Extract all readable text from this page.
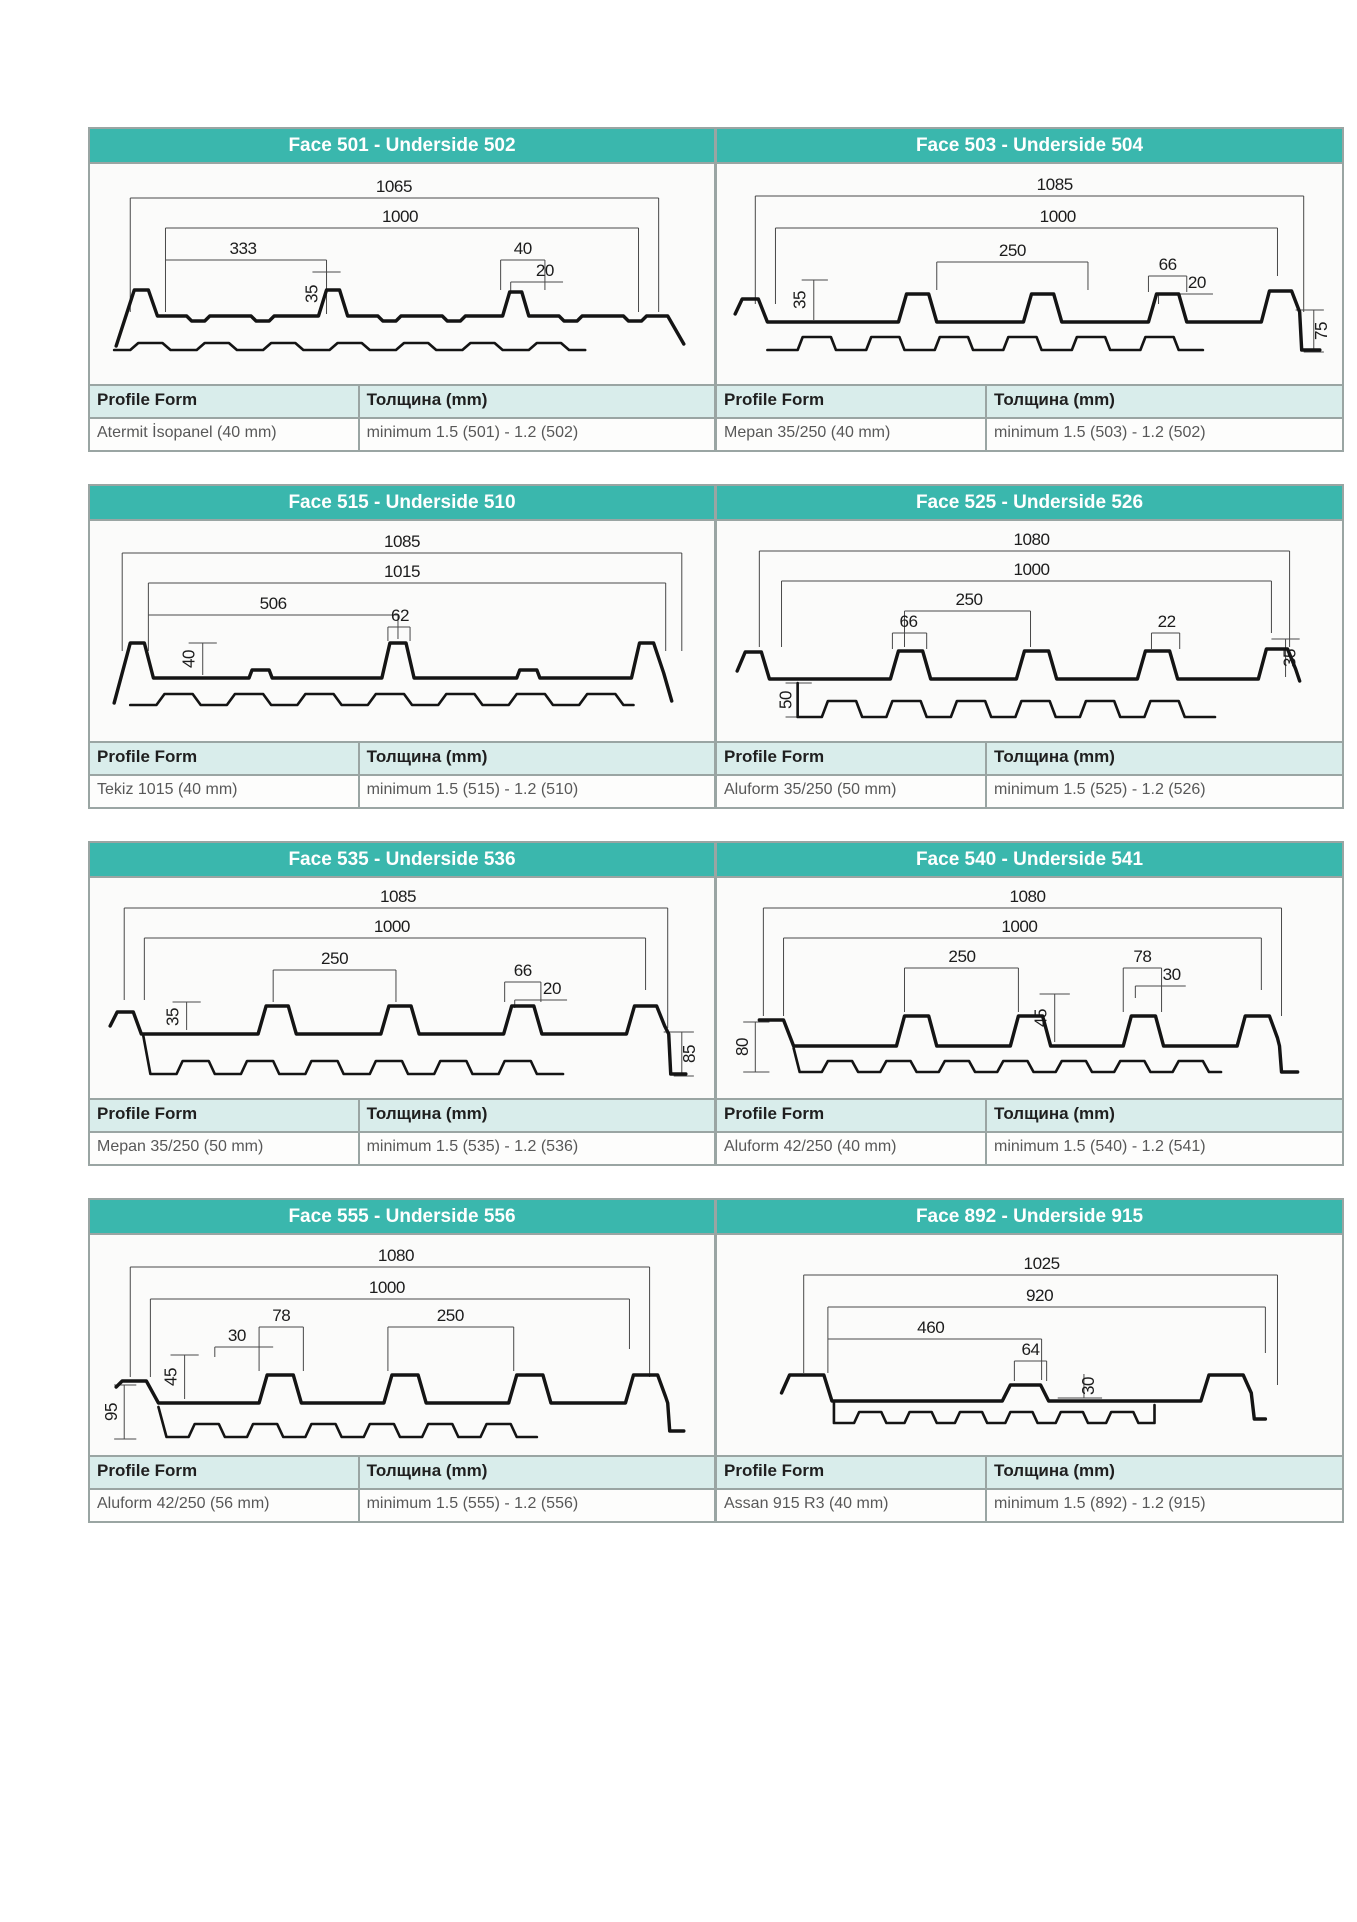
Face 501 - Underside 502
1065
1000
333	40
20
35
Profile Form	Толщина (mm)
Atermit İsopanel (40 mm)	minimum 1.5 (501) - 1.2 (502)
Face 503 - Underside 504
1085
1000
250
66
20
35
75
Profile Form	Толщина (mm)
Mepan 35/250 (40 mm)	minimum 1.5 (503) - 1.2 (502)
Face 515 - Underside 510
1085
1015
506
62
40
Profile Form	Толщина (mm)
Tekiz 1015 (40 mm)	minimum 1.5 (515) - 1.2 (510)
Face 525 - Underside 526
1080
1000
250
66	22
35
50
Profile Form	Толщина (mm)
Aluform 35/250 (50 mm)	minimum 1.5 (525) - 1.2 (526)
Face 535 - Underside 536
1085
1000
250
66
20
35
85
Profile Form	Толщина (mm)
Mepan 35/250 (50 mm)	minimum 1.5 (535) - 1.2 (536)
Face 540 - Underside 541
1080
1000
250	78
30
45
80
Profile Form	Толщина (mm)
Aluform 42/250 (40 mm)	minimum 1.5 (540) - 1.2 (541)
Face 555 - Underside 556
1080
1000
78
30
250
45
95
Profile Form	Толщина (mm)
Aluform 42/250 (56 mm)	minimum 1.5 (555) - 1.2 (556)
Face 892 - Underside 915
1025
920
460
64
30
Profile Form	Толщина (mm)
Assan 915 R3 (40 mm)	minimum 1.5 (892) - 1.2 (915)
